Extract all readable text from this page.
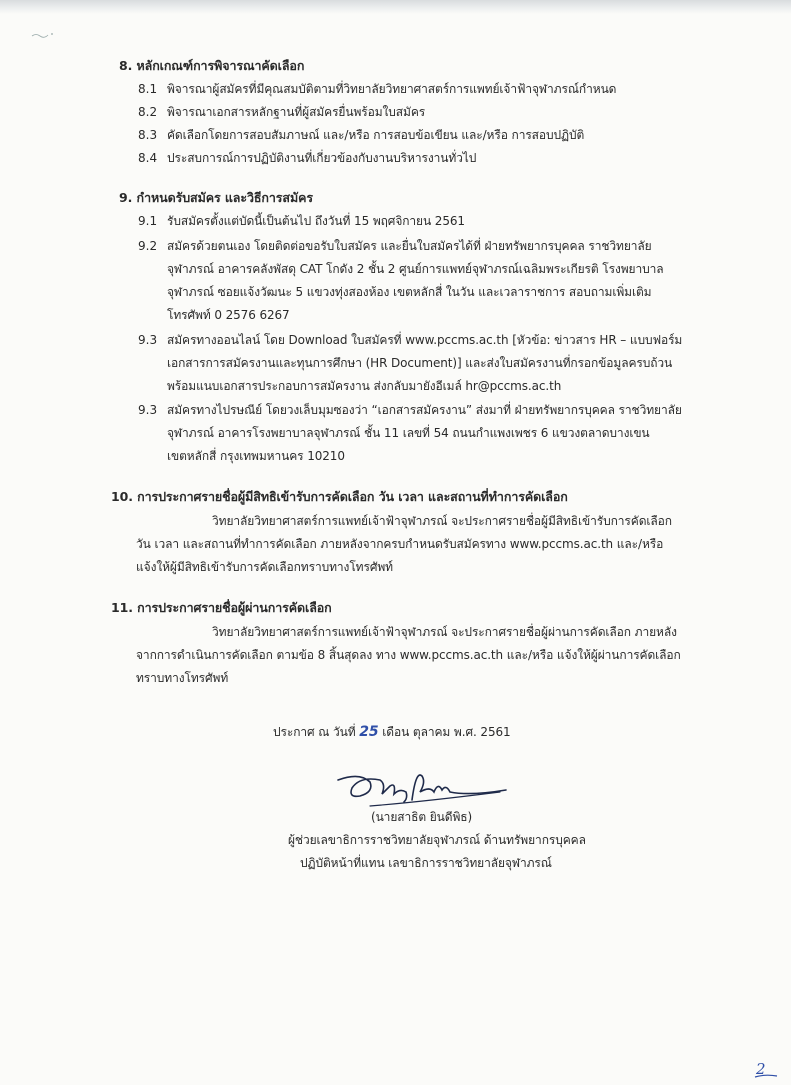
8. หลักเกณฑ์การพิจารณาคัดเลือก
8.1 พิจารณาผู้สมัครที่มีคุณสมบัติตามที่วิทยาลัยวิทยาศาสตร์การแพทย์เจ้าฟ้าจุฬาภรณ์กำหนด
8.2 พิจารณาเอกสารหลักฐานที่ผู้สมัครยื่นพร้อมใบสมัคร
8.3 คัดเลือกโดยการสอบสัมภาษณ์ และ/หรือ การสอบข้อเขียน และ/หรือ การสอบปฏิบัติ
8.4 ประสบการณ์การปฏิบัติงานที่เกี่ยวข้องกับงานบริหารงานทั่วไป
9. กำหนดรับสมัคร และวิธีการสมัคร
9.1 รับสมัครตั้งแต่บัดนี้เป็นต้นไป ถึงวันที่ 15 พฤศจิกายน 2561
9.2 สมัครด้วยตนเอง โดยติดต่อขอรับใบสมัคร และยื่นใบสมัครได้ที่ ฝ่ายทรัพยากรบุคคล ราชวิทยาลัย
จุฬาภรณ์ อาคารคลังพัสดุ CAT โกดัง 2 ชั้น 2 ศูนย์การแพทย์จุฬาภรณ์เฉลิมพระเกียรติ โรงพยาบาล
จุฬาภรณ์ ซอยแจ้งวัฒนะ 5 แขวงทุ่งสองห้อง เขตหลักสี่ ในวัน และเวลาราชการ สอบถามเพิ่มเติม
โทรศัพท์ 0 2576 6267
9.3 สมัครทางออนไลน์ โดย Download ใบสมัครที่ www.pccms.ac.th [หัวข้อ: ข่าวสาร HR – แบบฟอร์ม
เอกสารการสมัครงานและทุนการศึกษา (HR Document)] และส่งใบสมัครงานที่กรอกข้อมูลครบถ้วน
พร้อมแนบเอกสารประกอบการสมัครงาน ส่งกลับมายังอีเมล์ hr@pccms.ac.th
9.3 สมัครทางไปรษณีย์ โดยวงเล็บมุมซองว่า “เอกสารสมัครงาน” ส่งมาที่ ฝ่ายทรัพยากรบุคคล ราชวิทยาลัย
จุฬาภรณ์ อาคารโรงพยาบาลจุฬาภรณ์ ชั้น 11 เลขที่ 54 ถนนกำแพงเพชร 6 แขวงตลาดบางเขน
เขตหลักสี่ กรุงเทพมหานคร 10210
10. การประกาศรายชื่อผู้มีสิทธิเข้ารับการคัดเลือก วัน เวลา และสถานที่ทำการคัดเลือก
วิทยาลัยวิทยาศาสตร์การแพทย์เจ้าฟ้าจุฬาภรณ์ จะประกาศรายชื่อผู้มีสิทธิเข้ารับการคัดเลือก
วัน เวลา และสถานที่ทำการคัดเลือก ภายหลังจากครบกำหนดรับสมัครทาง www.pccms.ac.th และ/หรือ
แจ้งให้ผู้มีสิทธิเข้ารับการคัดเลือกทราบทางโทรศัพท์
11. การประกาศรายชื่อผู้ผ่านการคัดเลือก
วิทยาลัยวิทยาศาสตร์การแพทย์เจ้าฟ้าจุฬาภรณ์ จะประกาศรายชื่อผู้ผ่านการคัดเลือก ภายหลัง
จากการดำเนินการคัดเลือก ตามข้อ 8 สิ้นสุดลง ทาง www.pccms.ac.th และ/หรือ แจ้งให้ผู้ผ่านการคัดเลือก
ทราบทางโทรศัพท์
ประกาศ ณ วันที่ 25 เดือน ตุลาคม พ.ศ. 2561
(นายสาธิต ยินดีพิธ)
ผู้ช่วยเลขาธิการราชวิทยาลัยจุฬาภรณ์ ด้านทรัพยากรบุคคล
ปฏิบัติหน้าที่แทน เลขาธิการราชวิทยาลัยจุฬาภรณ์
2
